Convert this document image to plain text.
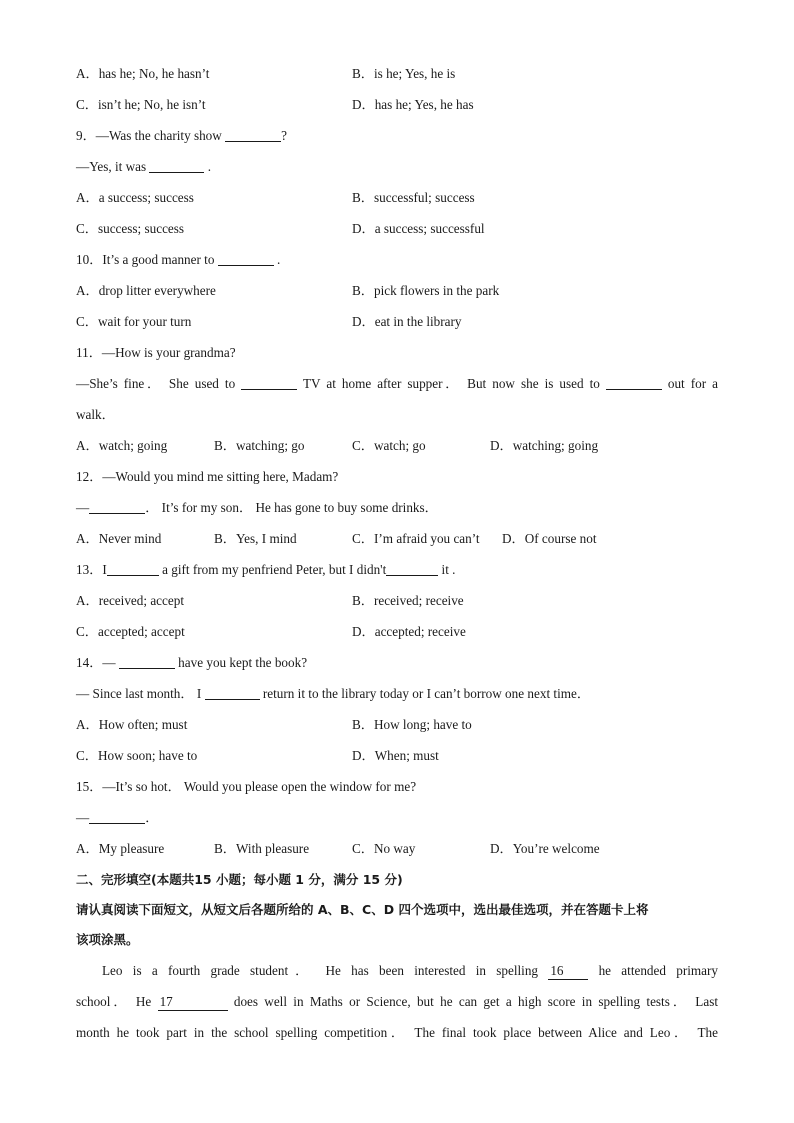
A．has he; No, he hasn’t	B．is he; Yes, he is
C．isn’t he; No, he isn’t	D．has he; Yes, he has
9．—Was the charity show	?
—Yes, it was	.
A．a success; success	B．successful; success
C．success; success	D．a success; successful
10．It’s a good manner to	.
A．drop litter everywhere	B．pick flowers in the park
C．wait for your turn	D．eat in the library
11．—How is your grandma?
—She’s fine． She used to	TV at home after supper． But now she is used to	out for a
walk．
A．watch; going	B．watching; go	C．watch; go	D．watching; going
12．—Would you mind me sitting here, Madam?
—	． It’s for my son． He has gone to buy some drinks．
A．Never mind	B．Yes, I mind	C．I’m afraid you can’t D．Of course not
13．I	a gift from my penfriend Peter, but I didn't	it .
A．received; accept	B．received; receive
C．accepted; accept	D．accepted; receive
14．—	have you kept the book?
— Since last month． I	return it to the library today or I can’t borrow one next time．
A．How often; must	B．How long; have to
C．How soon; have to	D．When; must
15．—It’s so hot． Would you please open the window for me?
—	．
A．My pleasure	B．With pleasure	C．No way	D．You’re welcome
二、完形填空(本题共15 小题；每小题 1 分，满分 15 分)
请认真阅读下面短文，从短文后各题所给的 A、B、C、D 四个选项中，选出最佳选项，并在答题卡上将
该项涂黑。
Leo is a fourth grade student． He has been interested in spelling 16 he attended primary
school． He 17	does well in Maths or Science, but he can get a high score in spelling tests． Last
month he took part in the school spelling competition． The final took place between Alice and Leo． The
